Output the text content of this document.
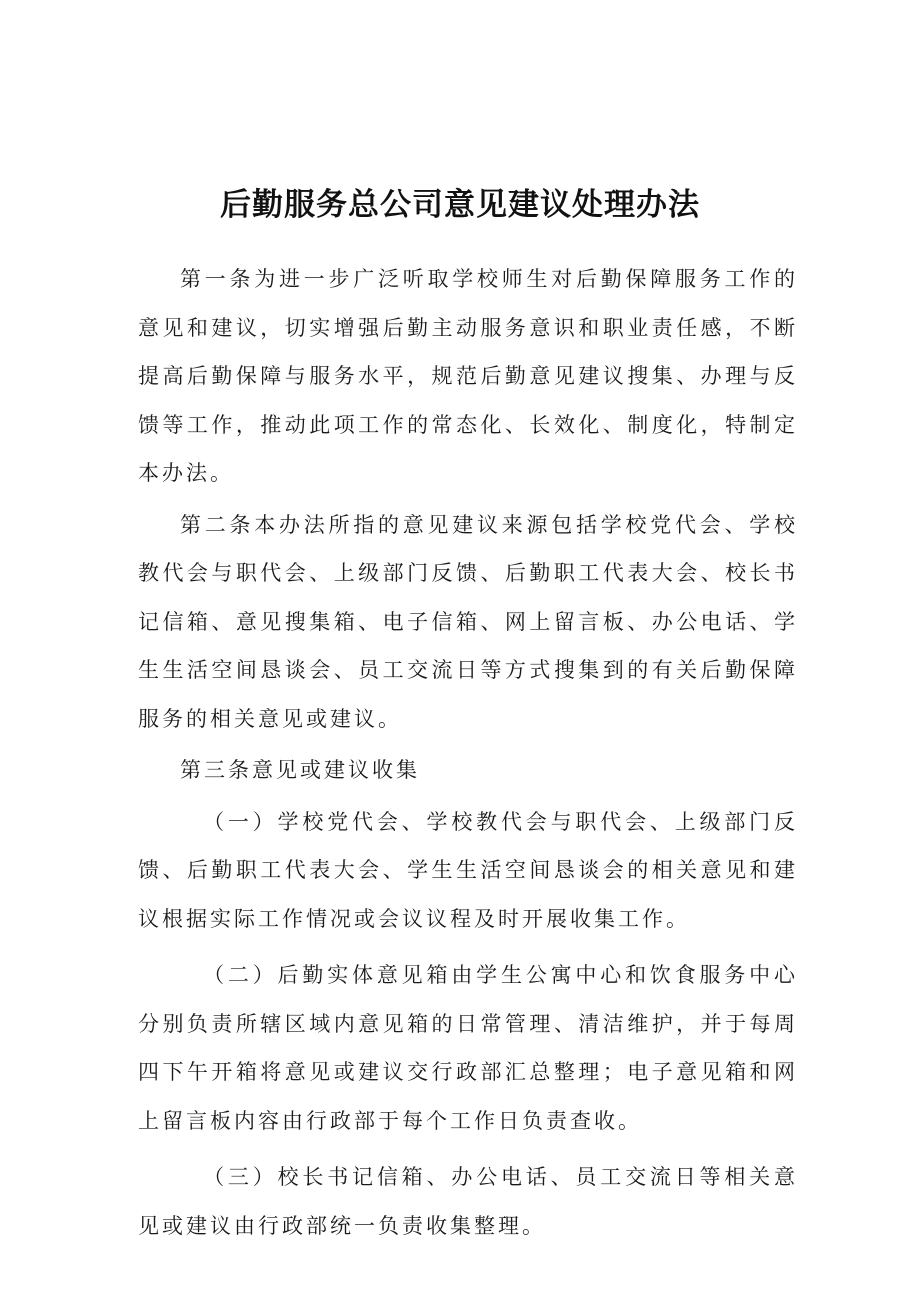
后勤服务总公司意见建议处理办法

第一条为进一步广泛听取学校师生对后勤保障服务工作的意见和建议，切实增强后勤主动服务意识和职业责任感，不断提高后勤保障与服务水平，规范后勤意见建议搜集、办理与反馈等工作，推动此项工作的常态化、长效化、制度化，特制定本办法。

第二条本办法所指的意见建议来源包括学校党代会、学校教代会与职代会、上级部门反馈、后勤职工代表大会、校长书记信箱、意见搜集箱、电子信箱、网上留言板、办公电话、学生生活空间恳谈会、员工交流日等方式搜集到的有关后勤保障服务的相关意见或建议。

第三条意见或建议收集

（一）学校党代会、学校教代会与职代会、上级部门反馈、后勤职工代表大会、学生生活空间恳谈会的相关意见和建议根据实际工作情况或会议议程及时开展收集工作。

（二）后勤实体意见箱由学生公寓中心和饮食服务中心分别负责所辖区域内意见箱的日常管理、清洁维护，并于每周四下午开箱将意见或建议交行政部汇总整理；电子意见箱和网上留言板内容由行政部于每个工作日负责查收。

（三）校长书记信箱、办公电话、员工交流日等相关意见或建议由行政部统一负责收集整理。
